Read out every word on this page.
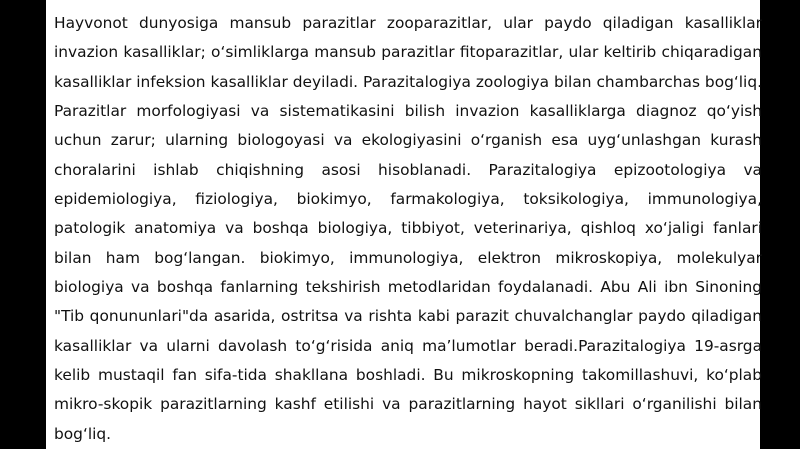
Hayvonot dunyosiga mansub parazitlar zooparazitlar, ular paydo qiladigan kasalliklar invazion kasalliklar; o‘simliklarga mansub parazitlar fitoparazitlar, ular keltirib chiqaradigan kasalliklar infeksion kasalliklar deyiladi. Parazitalogiya zoologiya bilan chambarchas bog‘liq. Parazitlar morfologiyasi va sistematikasini bilish invazion kasalliklarga diagnoz qo‘yish uchun zarur; ularning biologoyasi va ekologiyasini o‘rganish esa uyg‘unlashgan kurash choralarini ishlab chiqishning asosi hisoblanadi. Parazitalogiya epizootologiya va epidemiologiya, fiziologiya, biokimyo, farmakologiya, toksikologiya, immunologiya, patologik anatomiya va boshqa biologiya, tibbiyot, veterinariya, qishloq xo‘jaligi fanlari bilan ham bog‘langan. biokimyo, immunologiya, elektron mikroskopiya, molekulyar biologiya va boshqa fanlarning tekshirish metodlaridan foydalanadi. Abu Ali ibn Sinoning "Tib qonununlari"da asarida, ostritsa va rishta kabi parazit chuvalchanglar paydo qiladigan kasalliklar va ularni davolash to‘g‘risida aniq ma’lumotlar beradi.Parazitalogiya 19-asrga kelib mustaqil fan sifa-tida shakllana boshladi. Bu mikroskopning takomillashuvi, ko‘plab mikro-skopik parazitlarning kashf etilishi va parazitlarning hayot sikllari o‘rganilishi bilan bog‘liq.
